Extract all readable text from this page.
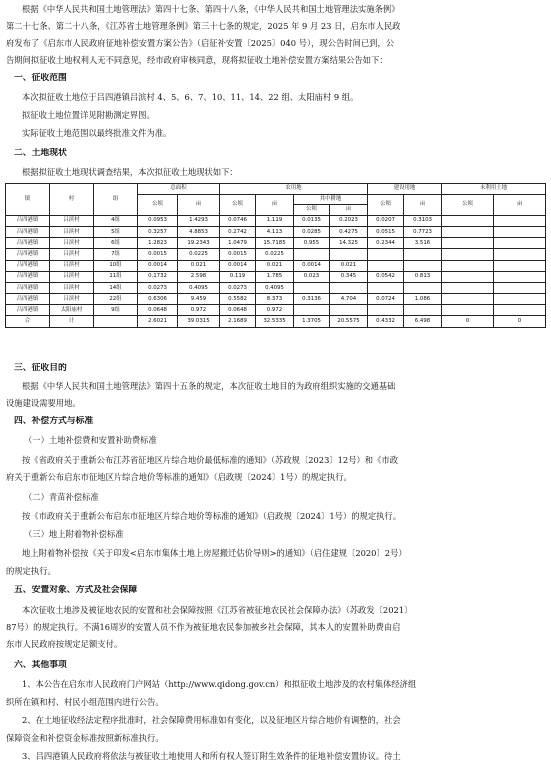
根据《中华人民共和国土地管理法》第四十七条、第四十八条，《中华人民共和国土地管理法实施条例》
第二十七条、第二十八条，《江苏省土地管理条例》第三十七条的规定，2025 年 9 月 23 日，启东市人民政
府发布了《启东市人民政府征地补偿安置方案公告》（启征补安置〔2025〕040 号），现公告时间已到，公
告期间拟征收土地权利人无不同意见，经市政府审核同意，现将拟征收土地补偿安置方案结果公告如下：
一、征收范围
本次拟征收土地位于吕四港镇吕滨村 4、5、6、7、10、11、14、22 组、太阳庙村 9 组。
拟征收土地位置详见附勘测定界图。
实际征收土地范围以最终批准文件为准。
二、土地现状
根据拟征收土地现状调查结果，本次拟征收土地现状如下：
镇	村	组	总面积		农用地				建设用地		未利用土地	
			公顷	亩	公顷	亩	其中耕地		公顷	亩	公顷	亩
							公顷	亩				
吕四港镇	吕滨村	4组	0.0953	1.4293	0.0746	1.119	0.0135	0.2023	0.0207	0.3103		
吕四港镇	吕滨村	5组	0.3257	4.8853	0.2742	4.113	0.0285	0.4275	0.0515	0.7723		
吕四港镇	吕滨村	6组	1.2823	19.2343	1.0479	15.7185	0.955	14.325	0.2344	3.516		
吕四港镇	吕滨村	7组	0.0015	0.0225	0.0015	0.0225						
吕四港镇	吕滨村	10组	0.0014	0.021	0.0014	0.021	0.0014	0.021				
吕四港镇	吕滨村	11组	0.1732	2.598	0.119	1.785	0.023	0.345	0.0542	0.813		
吕四港镇	吕滨村	14组	0.0273	0.4095	0.0273	0.4095						
吕四港镇	吕滨村	22组	0.6306	9.459	0.5582	8.373	0.3136	4.704	0.0724	1.086		
吕四港镇	太阳庙村	9组	0.0648	0.972	0.0648	0.972						
合	计		2.6021	39.0315	2.1689	32.5335	1.3705	20.5575	0.4332	6.498	0	0
三、征收目的
根据《中华人民共和国土地管理法》第四十五条的规定，本次征收土地目的为政府组织实施的交通基础
设施建设需要用地。
四、补偿方式与标准
（一）土地补偿费和安置补助费标准
按《省政府关于重新公布江苏省征地区片综合地价最低标准的通知》（苏政规〔2023〕12号）和《市政
府关于重新公布启东市征地区片综合地价等标准的通知》（启政规〔2024〕1号）的规定执行。
（二）青苗补偿标准
按《市政府关于重新公布启东市征地区片综合地价等标准的通知》（启政规〔2024〕1号）的规定执行。
（三）地上附着物补偿标准
地上附着物补偿按《关于印发<启东市集体土地上房屋搬迁估价导则>的通知》（启住建规〔2020〕2号）
的规定执行。
五、安置对象、方式及社会保障
本次征收土地涉及被征地农民的安置和社会保障按照《江苏省被征地农民社会保障办法》（苏政发〔2021〕
87号）的规定执行。不满16周岁的安置人员不作为被征地农民参加被乡社会保障，其本人的安置补助费由启
东市人民政府按规定足额支付。
六、其他事项
1、本公告在启东市人民政府门户网站（http://www.qidong.gov.cn）和拟征收土地涉及的农村集体经济组
织所在镇和村、村民小组范围内进行公告。
2、在土地征收经法定程序批准时，社会保障费用标准如有变化，以及征地区片综合地价有调整的，社会
保障资金和补偿资金标准按照新标准执行。
3、吕四港镇人民政府将依法与被征收土地使用人和所有权人签订附生效条件的征地补偿安置协议。待土
